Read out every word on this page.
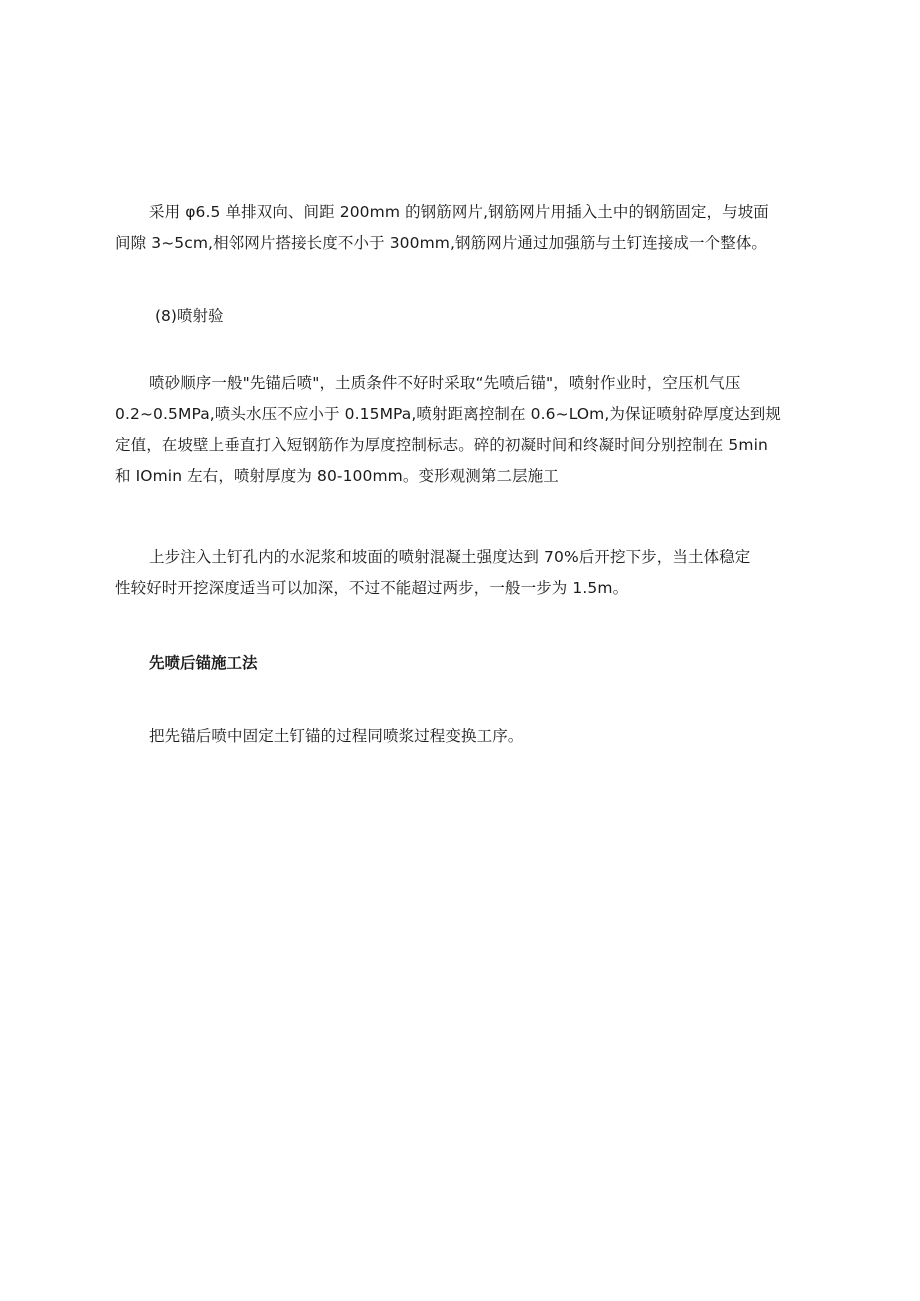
采用 φ6.5 单排双向、间距 200mm 的钢筋网片,钢筋网片用插入土中的钢筋固定，与坡面
间隙 3~5cm,相邻网片搭接长度不小于 300mm,钢筋网片通过加强筋与土钉连接成一个整体。

(8)喷射验

喷砂顺序一般"先锚后喷"，土质条件不好时采取“先喷后锚"，喷射作业时，空压机气压
0.2~0.5MPa,喷头水压不应小于 0.15MPa,喷射距离控制在 0.6~LOm,为保证喷射砕厚度达到规
定值，在坡壁上垂直打入短钢筋作为厚度控制标志。碎的初凝时间和终凝时间分别控制在 5min
和 IOmin 左右，喷射厚度为 80-100mm。变形观测第二层施工

上步注入土钉孔内的水泥浆和坡面的喷射混凝土强度达到 70%后开挖下步，当土体稳定
性较好时开挖深度适当可以加深，不过不能超过两步，一般一步为 1.5m。

先喷后锚施工法

把先锚后喷中固定土钉锚的过程同喷浆过程变换工序。
